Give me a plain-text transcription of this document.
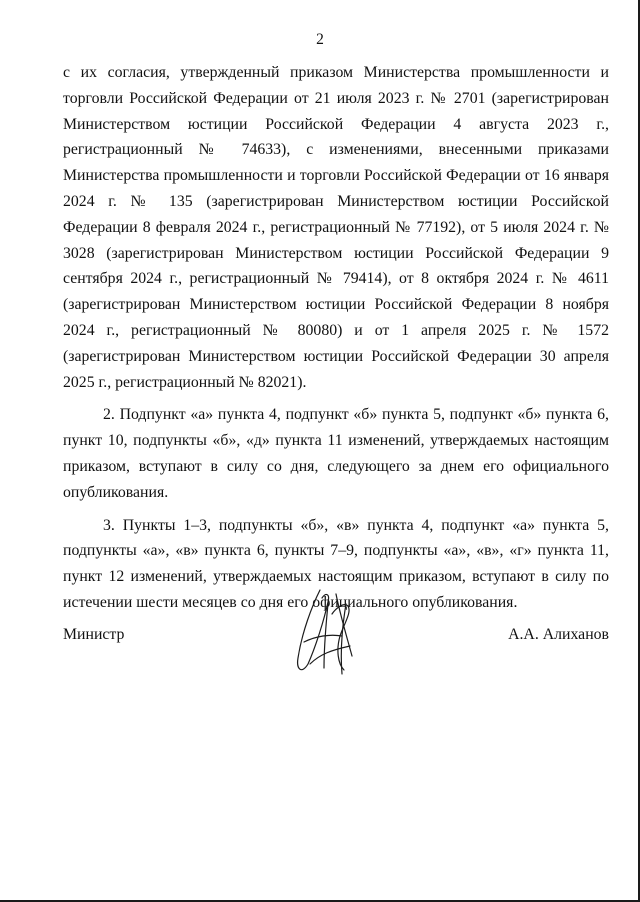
2

с их согласия, утвержденный приказом Министерства промышленности и торговли Российской Федерации от 21 июля 2023 г. № 2701 (зарегистрирован Министерством юстиции Российской Федерации 4 августа 2023 г., регистрационный № 74633), с изменениями, внесенными приказами Министерства промышленности и торговли Российской Федерации от 16 января 2024 г. № 135 (зарегистрирован Министерством юстиции Российской Федерации 8 февраля 2024 г., регистрационный № 77192), от 5 июля 2024 г. № 3028 (зарегистрирован Министерством юстиции Российской Федерации 9 сентября 2024 г., регистрационный № 79414), от 8 октября 2024 г. № 4611 (зарегистрирован Министерством юстиции Российской Федерации 8 ноября 2024 г., регистрационный № 80080) и от 1 апреля 2025 г. № 1572 (зарегистрирован Министерством юстиции Российской Федерации 30 апреля 2025 г., регистрационный № 82021).

2. Подпункт «а» пункта 4, подпункт «б» пункта 5, подпункт «б» пункта 6, пункт 10, подпункты «б», «д» пункта 11 изменений, утверждаемых настоящим приказом, вступают в силу со дня, следующего за днем его официального опубликования.

3. Пункты 1–3, подпункты «б», «в» пункта 4, подпункт «а» пункта 5, подпункты «а», «в» пункта 6, пункты 7–9, подпункты «а», «в», «г» пункта 11, пункт 12 изменений, утверждаемых настоящим приказом, вступают в силу по истечении шести месяцев со дня его официального опубликования.

Министр	А.А. Алиханов
